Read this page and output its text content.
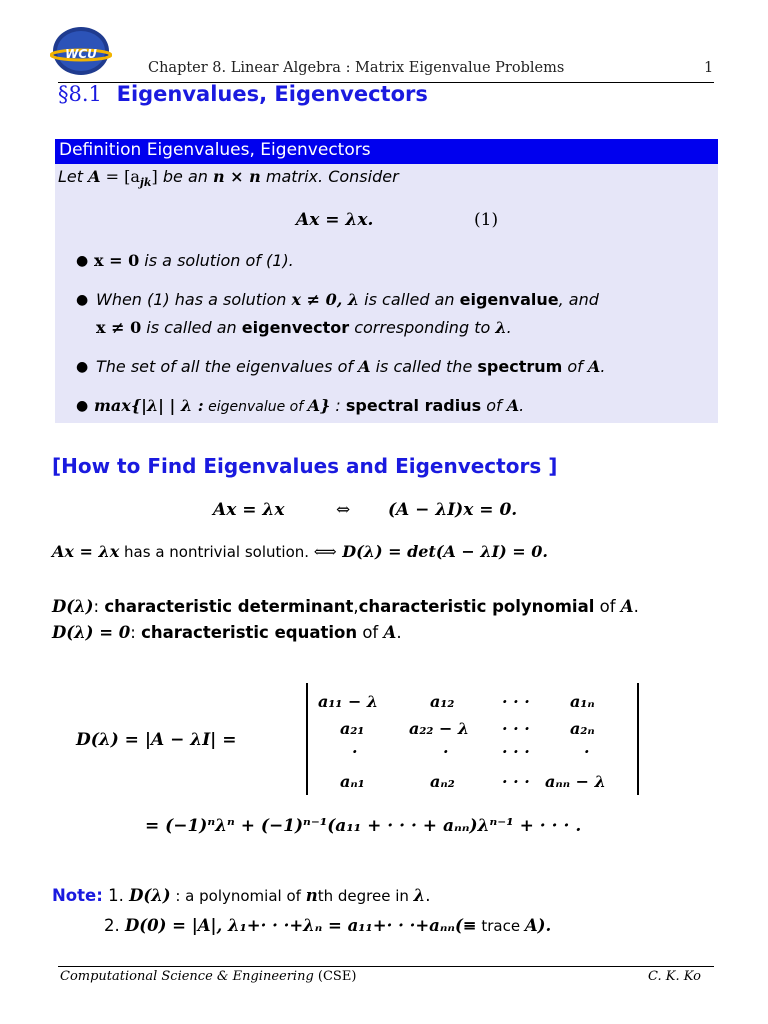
WCU
Chapter 8. Linear Algebra : Matrix Eigenvalue Problems	1
§8.1 Eigenvalues, Eigenvectors
Definition Eigenvalues, Eigenvectors
Let $A = [a_{jk}]$ be an n × n matrix. Consider
Ax = λx.	(1)
● x = 0 is a solution of (1).
● When (1) has a solution x ≠ 0, λ is called an eigenvalue, and
x ≠ 0 is called an eigenvector corresponding to λ.
● The set of all the eigenvalues of A is called the spectrum of A.
● max{|λ| | λ : eigenvalue of A} : spectral radius of A.
[How to Find Eigenvalues and Eigenvectors ]
Ax = λx	⇔ (A − λI)x = 0.
Ax = λx has a nontrivial solution. ⟺ D(λ) = det(A − λI) = 0.
D(λ): characteristic determinant,characteristic polynomial of A.
D(λ) = 0: characteristic equation of A.
D(λ) = |A − λI| =
a₁₁ − λ	a₁₂	· · ·	a₁ₙ
a₂₁	a₂₂ − λ · · ·	a₂ₙ
·	·	· · ·	·
aₙ₁	aₙ₂	· · · aₙₙ − λ
= (−1)ⁿλⁿ + (−1)ⁿ⁻¹(a₁₁ + · · · + aₙₙ)λⁿ⁻¹ + · · · .
Note: 1. D(λ) : a polynomial of nth degree in λ.
2. D(0) = |A|, λ₁+· · ·+λₙ = a₁₁+· · ·+aₙₙ(≡ trace A).
Computational Science & Engineering (CSE)	C. K. Ko
